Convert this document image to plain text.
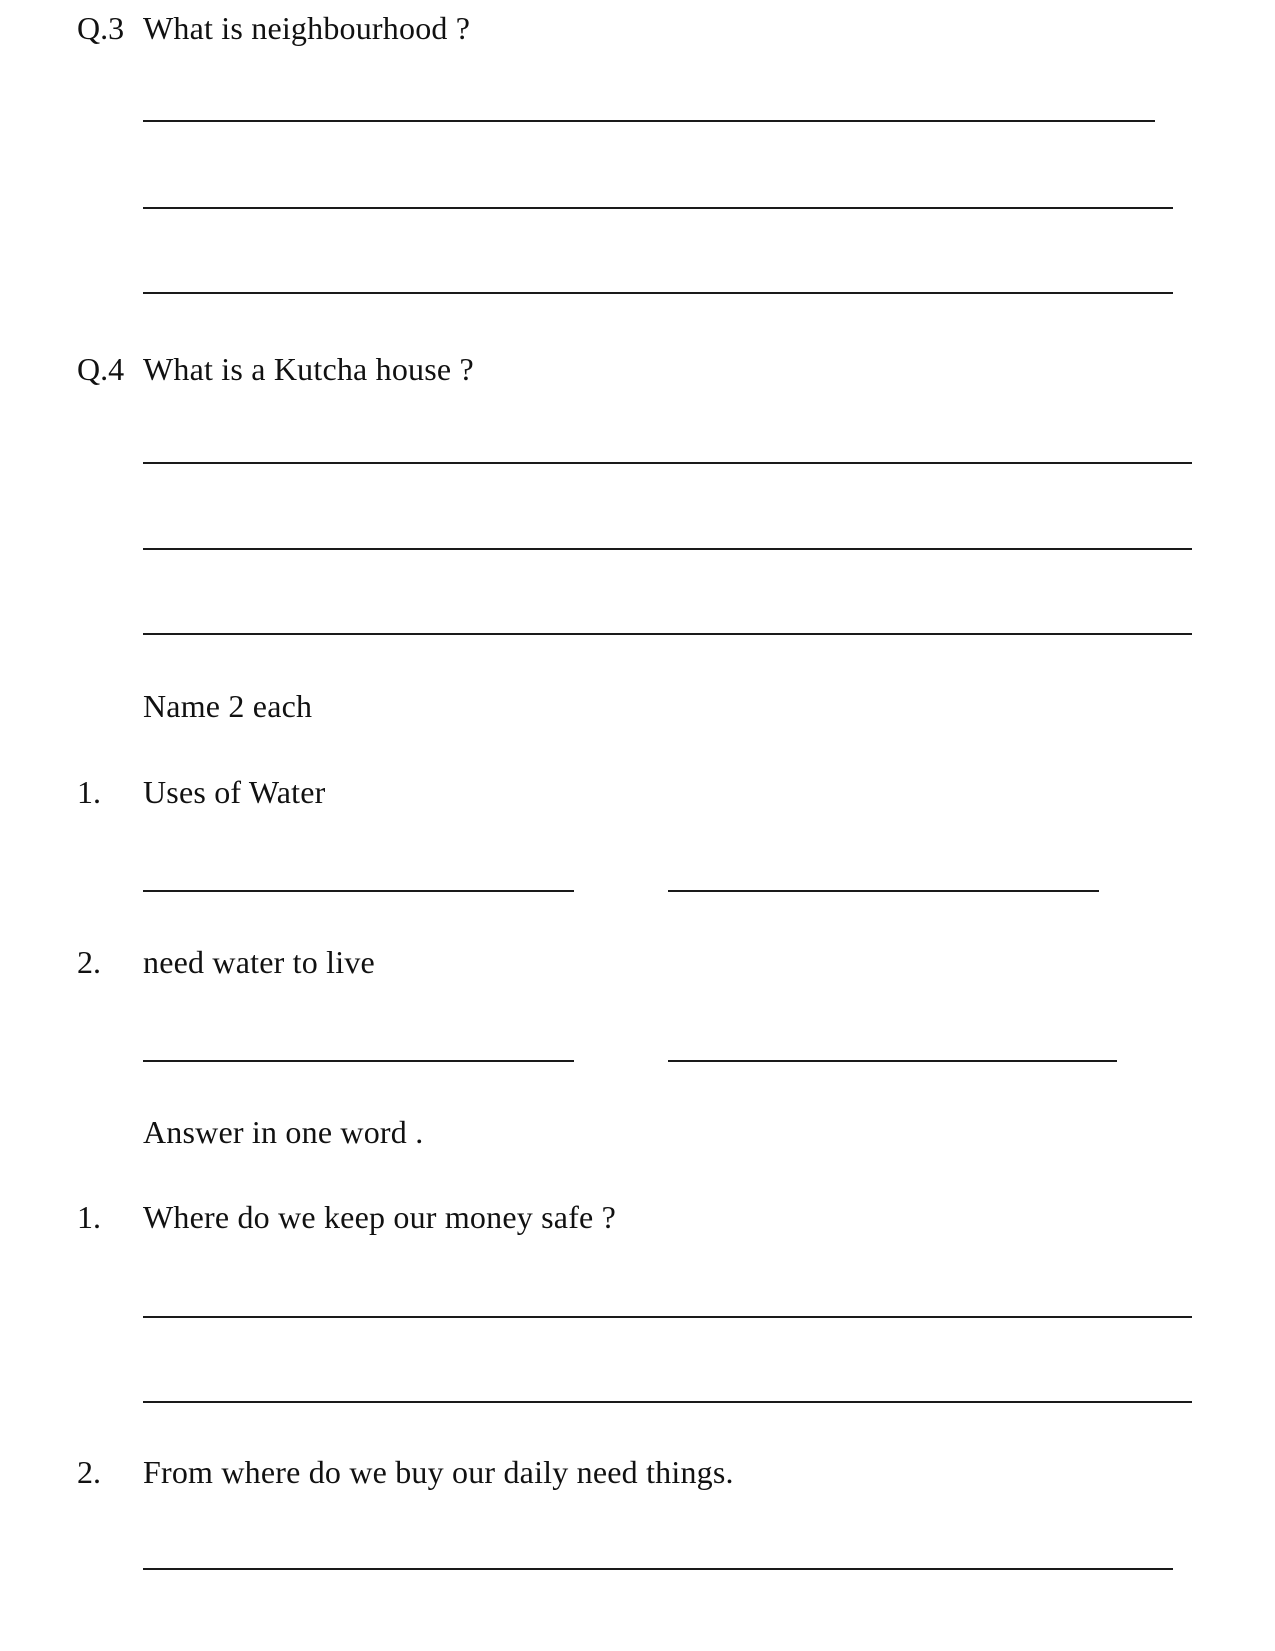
Q.3 What is neighbourhood ?
Q.4 What is a Kutcha house ?
Name 2 each
1. Uses of Water
2. need water to live
Answer in one word .
1. Where do we keep our money safe ?
2. From where do we buy our daily need things.
